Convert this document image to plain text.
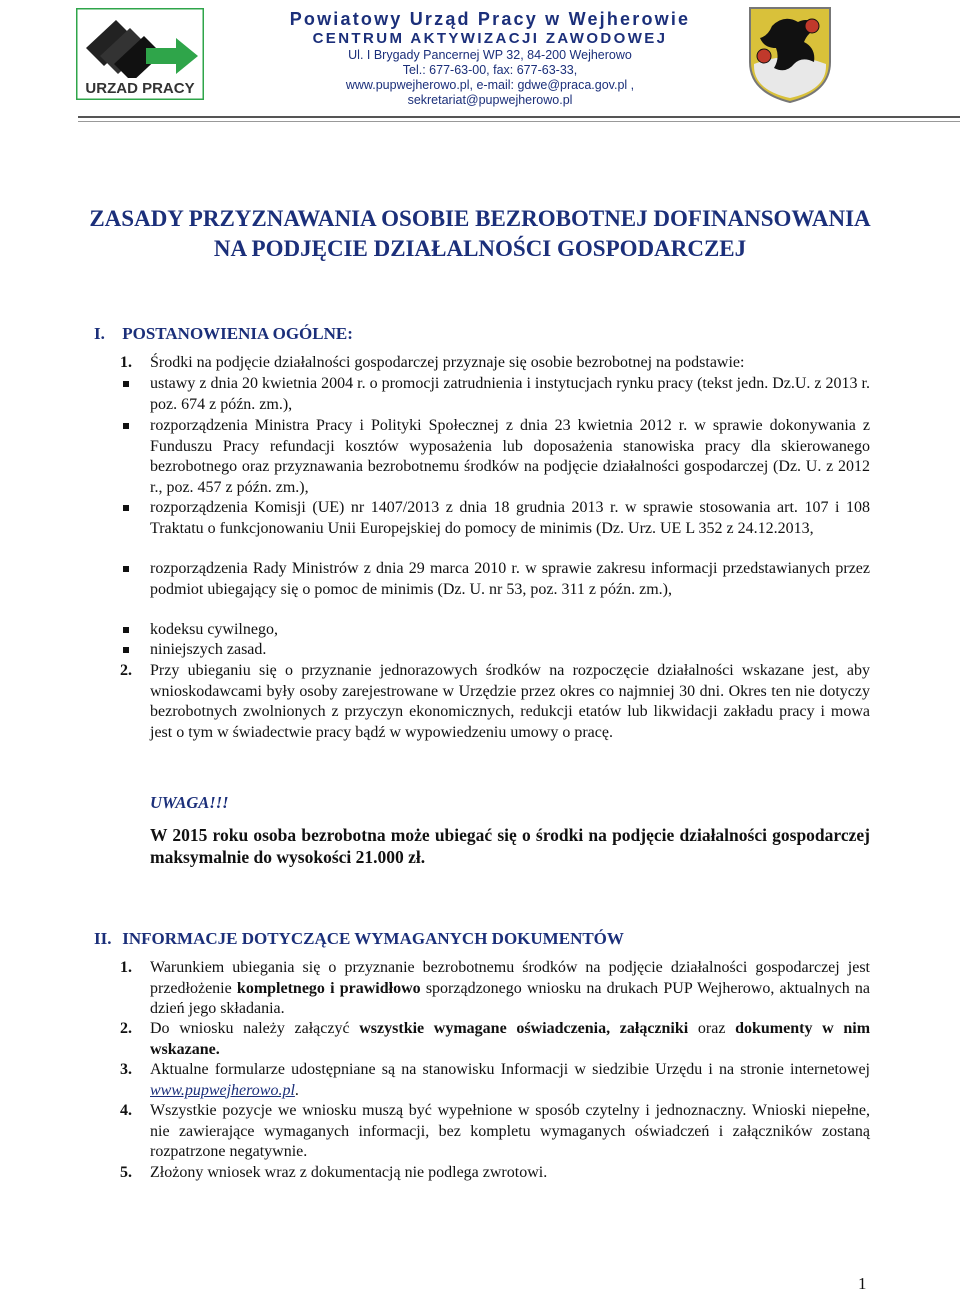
URZAD PRACY
Powiatowy Urząd Pracy w Wejherowie
CENTRUM AKTYWIZACJI ZAWODOWEJ
Ul. I Brygady Pancernej WP 32, 84-200 Wejherowo
Tel.: 677-63-00, fax: 677-63-33,
www.pupwejherowo.pl, e-mail: gdwe@praca.gov.pl ,
sekretariat@pupwejherowo.pl
ZASADY PRZYZNAWANIA OSOBIE BEZROBOTNEJ DOFINANSOWANIA
NA PODJĘCIE DZIAŁALNOŚCI GOSPODARCZEJ
I. POSTANOWIENIA OGÓLNE:
1. Środki na podjęcie działalności gospodarczej przyznaje się osobie bezrobotnej na podstawie:
ustawy z dnia 20 kwietnia 2004 r. o promocji zatrudnienia i instytucjach rynku pracy (tekst jedn. Dz.U. z 2013 r. poz. 674 z późn. zm.),
rozporządzenia Ministra Pracy i Polityki Społecznej z dnia 23 kwietnia 2012 r. w sprawie dokonywania z Funduszu Pracy refundacji kosztów wyposażenia lub doposażenia stanowiska pracy dla skierowanego bezrobotnego oraz przyznawania bezrobotnemu środków na podjęcie działalności gospodarczej (Dz. U. z 2012 r., poz. 457 z późn. zm.),
rozporządzenia Komisji (UE) nr 1407/2013 z dnia 18 grudnia 2013 r. w sprawie stosowania art. 107 i 108 Traktatu o funkcjonowaniu Unii Europejskiej do pomocy de minimis (Dz. Urz. UE L 352 z 24.12.2013,
rozporządzenia Rady Ministrów z dnia 29 marca 2010 r. w sprawie zakresu informacji przedstawianych przez podmiot ubiegający się o pomoc de minimis (Dz. U. nr 53, poz. 311 z późn. zm.),
kodeksu cywilnego,
niniejszych zasad.
2. Przy ubieganiu się o przyznanie jednorazowych środków na rozpoczęcie działalności wskazane jest, aby wnioskodawcami były osoby zarejestrowane w Urzędzie przez okres co najmniej 30 dni. Okres ten nie dotyczy bezrobotnych zwolnionych z przyczyn ekonomicznych, redukcji etatów lub likwidacji zakładu pracy i mowa jest o tym w świadectwie pracy bądź w wypowiedzeniu umowy o pracę.
UWAGA!!!
W 2015 roku osoba bezrobotna może ubiegać się o środki na podjęcie działalności gospodarczej maksymalnie do wysokości 21.000 zł.
II. INFORMACJE DOTYCZĄCE WYMAGANYCH DOKUMENTÓW
1. Warunkiem ubiegania się o przyznanie bezrobotnemu środków na podjęcie działalności gospodarczej jest przedłożenie kompletnego i prawidłowo sporządzonego wniosku na drukach PUP Wejherowo, aktualnych na dzień jego składania.
2. Do wniosku należy załączyć wszystkie wymagane oświadczenia, załączniki oraz dokumenty w nim wskazane.
3. Aktualne formularze udostępniane są na stanowisku Informacji w siedzibie Urzędu i na stronie internetowej www.pupwejherowo.pl.
4. Wszystkie pozycje we wniosku muszą być wypełnione w sposób czytelny i jednoznaczny. Wnioski niepełne, nie zawierające wymaganych informacji, bez kompletu wymaganych oświadczeń i załączników zostaną rozpatrzone negatywnie.
5. Złożony wniosek wraz z dokumentacją nie podlega zwrotowi.
1
